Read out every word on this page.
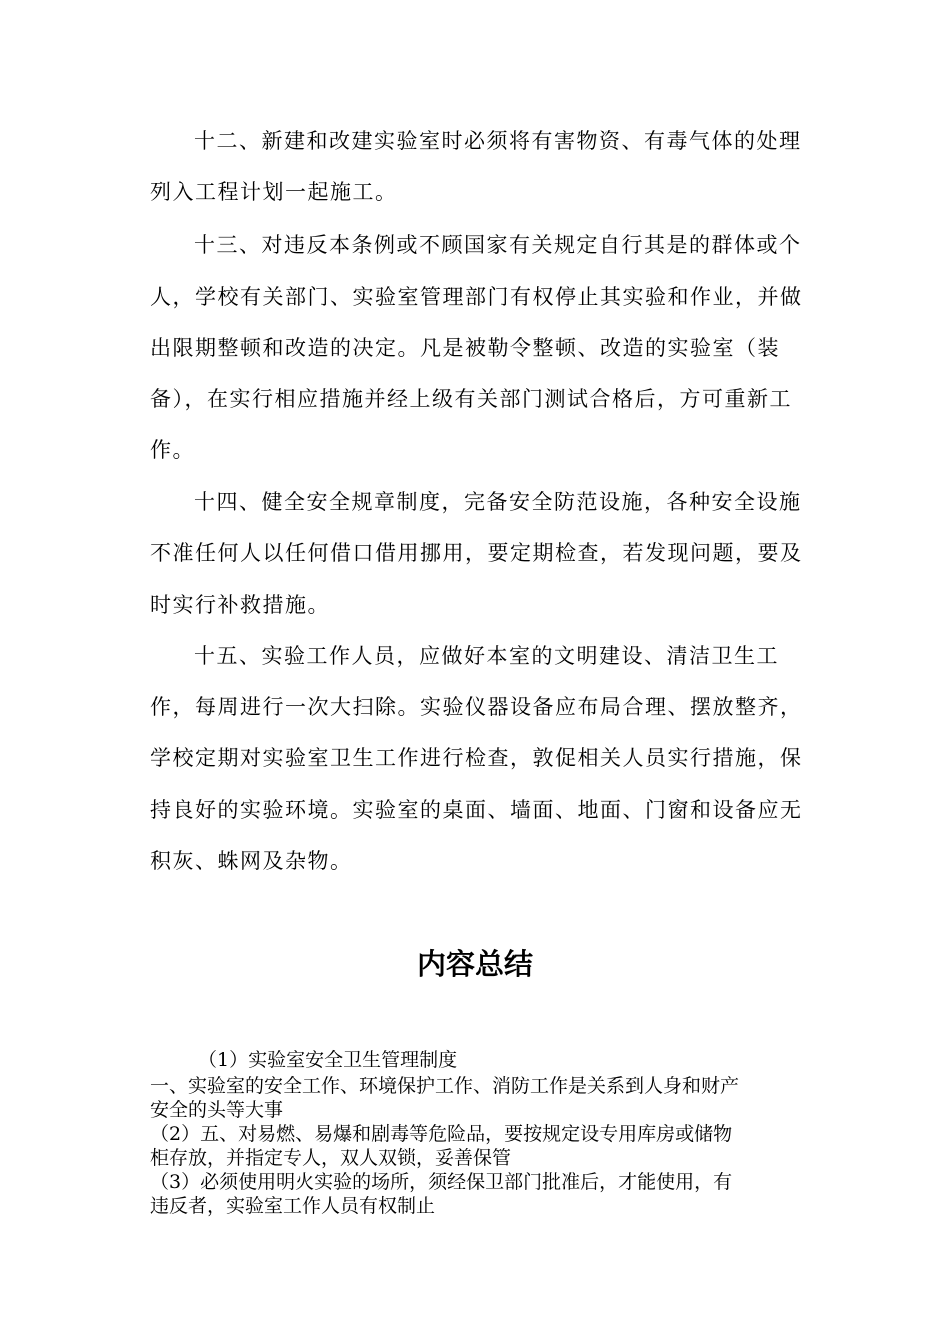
十二、新建和改建实验室时必须将有害物资、有毒气体的处理

列入工程计划一起施工。

十三、对违反本条例或不顾国家有关规定自行其是的群体或个

人，学校有关部门、实验室管理部门有权停止其实验和作业，并做

出限期整顿和改造的决定。凡是被勒令整顿、改造的实验室（装

备），在实行相应措施并经上级有关部门测试合格后，方可重新工

作。

十四、健全安全规章制度，完备安全防范设施，各种安全设施

不准任何人以任何借口借用挪用，要定期检查，若发现问题，要及

时实行补救措施。

十五、实验工作人员，应做好本室的文明建设、清洁卫生工

作，每周进行一次大扫除。实验仪器设备应布局合理、摆放整齐，

学校定期对实验室卫生工作进行检查，敦促相关人员实行措施，保

持良好的实验环境。实验室的桌面、墙面、地面、门窗和设备应无

积灰、蛛网及杂物。

内容总结

（1）实验室安全卫生管理制度

一、实验室的安全工作、环境保护工作、消防工作是关系到人身和财产

安全的头等大事

（2）五、对易燃、易爆和剧毒等危险品，要按规定设专用库房或储物

柜存放，并指定专人，双人双锁，妥善保管

（3）必须使用明火实验的场所，须经保卫部门批准后，才能使用，有

违反者，实验室工作人员有权制止
